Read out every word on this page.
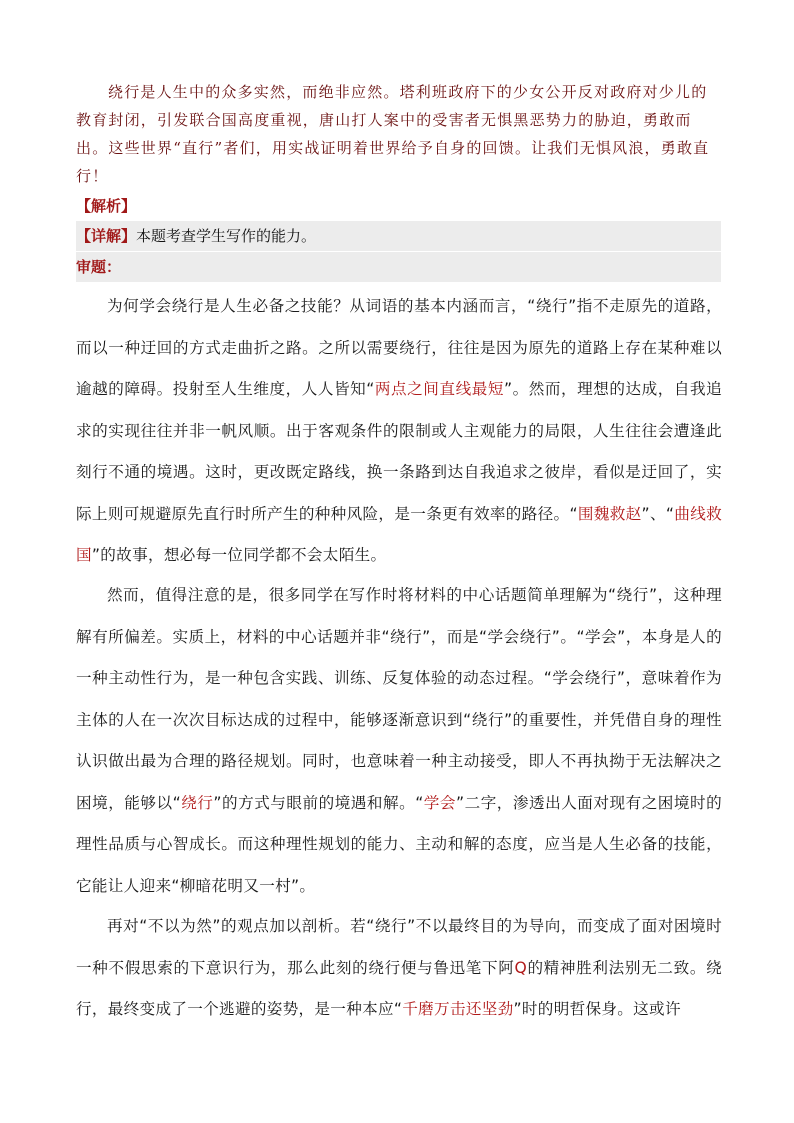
绕行是人生中的众多实然，而绝非应然。塔利班政府下的少女公开反对政府对少儿的教育封闭，引发联合国高度重视，唐山打人案中的受害者无惧黑恶势力的胁迫，勇敢而出。这些世界“直行”者们，用实战证明着世界给予自身的回馈。让我们无惧风浪，勇敢直行！

【解析】
【详解】本题考查学生写作的能力。
审题：

为何学会绕行是人生必备之技能？从词语的基本内涵而言，“绕行”指不走原先的道路，而以一种迂回的方式走曲折之路。之所以需要绕行，往往是因为原先的道路上存在某种难以逾越的障碍。投射至人生维度，人人皆知“两点之间直线最短”。然而，理想的达成，自我追求的实现往往并非一帆风顺。出于客观条件的限制或人主观能力的局限，人生往往会遭逢此刻行不通的境遇。这时，更改既定路线，换一条路到达自我追求之彼岸，看似是迂回了，实际上则可规避原先直行时所产生的种种风险，是一条更有效率的路径。“围魏救赵”、“曲线救国”的故事，想必每一位同学都不会太陌生。

然而，值得注意的是，很多同学在写作时将材料的中心话题简单理解为“绕行”，这种理解有所偏差。实质上，材料的中心话题并非“绕行”，而是“学会绕行”。“学会”，本身是人的一种主动性行为，是一种包含实践、训练、反复体验的动态过程。“学会绕行”，意味着作为主体的人在一次次目标达成的过程中，能够逐渐意识到“绕行”的重要性，并凭借自身的理性认识做出最为合理的路径规划。同时，也意味着一种主动接受，即人不再执拗于无法解决之困境，能够以“绕行”的方式与眼前的境遇和解。“学会”二字，渗透出人面对现有之困境时的理性品质与心智成长。而这种理性规划的能力、主动和解的态度，应当是人生必备的技能，它能让人迎来“柳暗花明又一村”。

再对“不以为然”的观点加以剖析。若“绕行”不以最终目的为导向，而变成了面对困境时一种不假思索的下意识行为，那么此刻的绕行便与鲁迅笔下阿Q的精神胜利法别无二致。绕行，最终变成了一个逃避的姿势，是一种本应“千磨万击还坚劲”时的明哲保身。这或许
